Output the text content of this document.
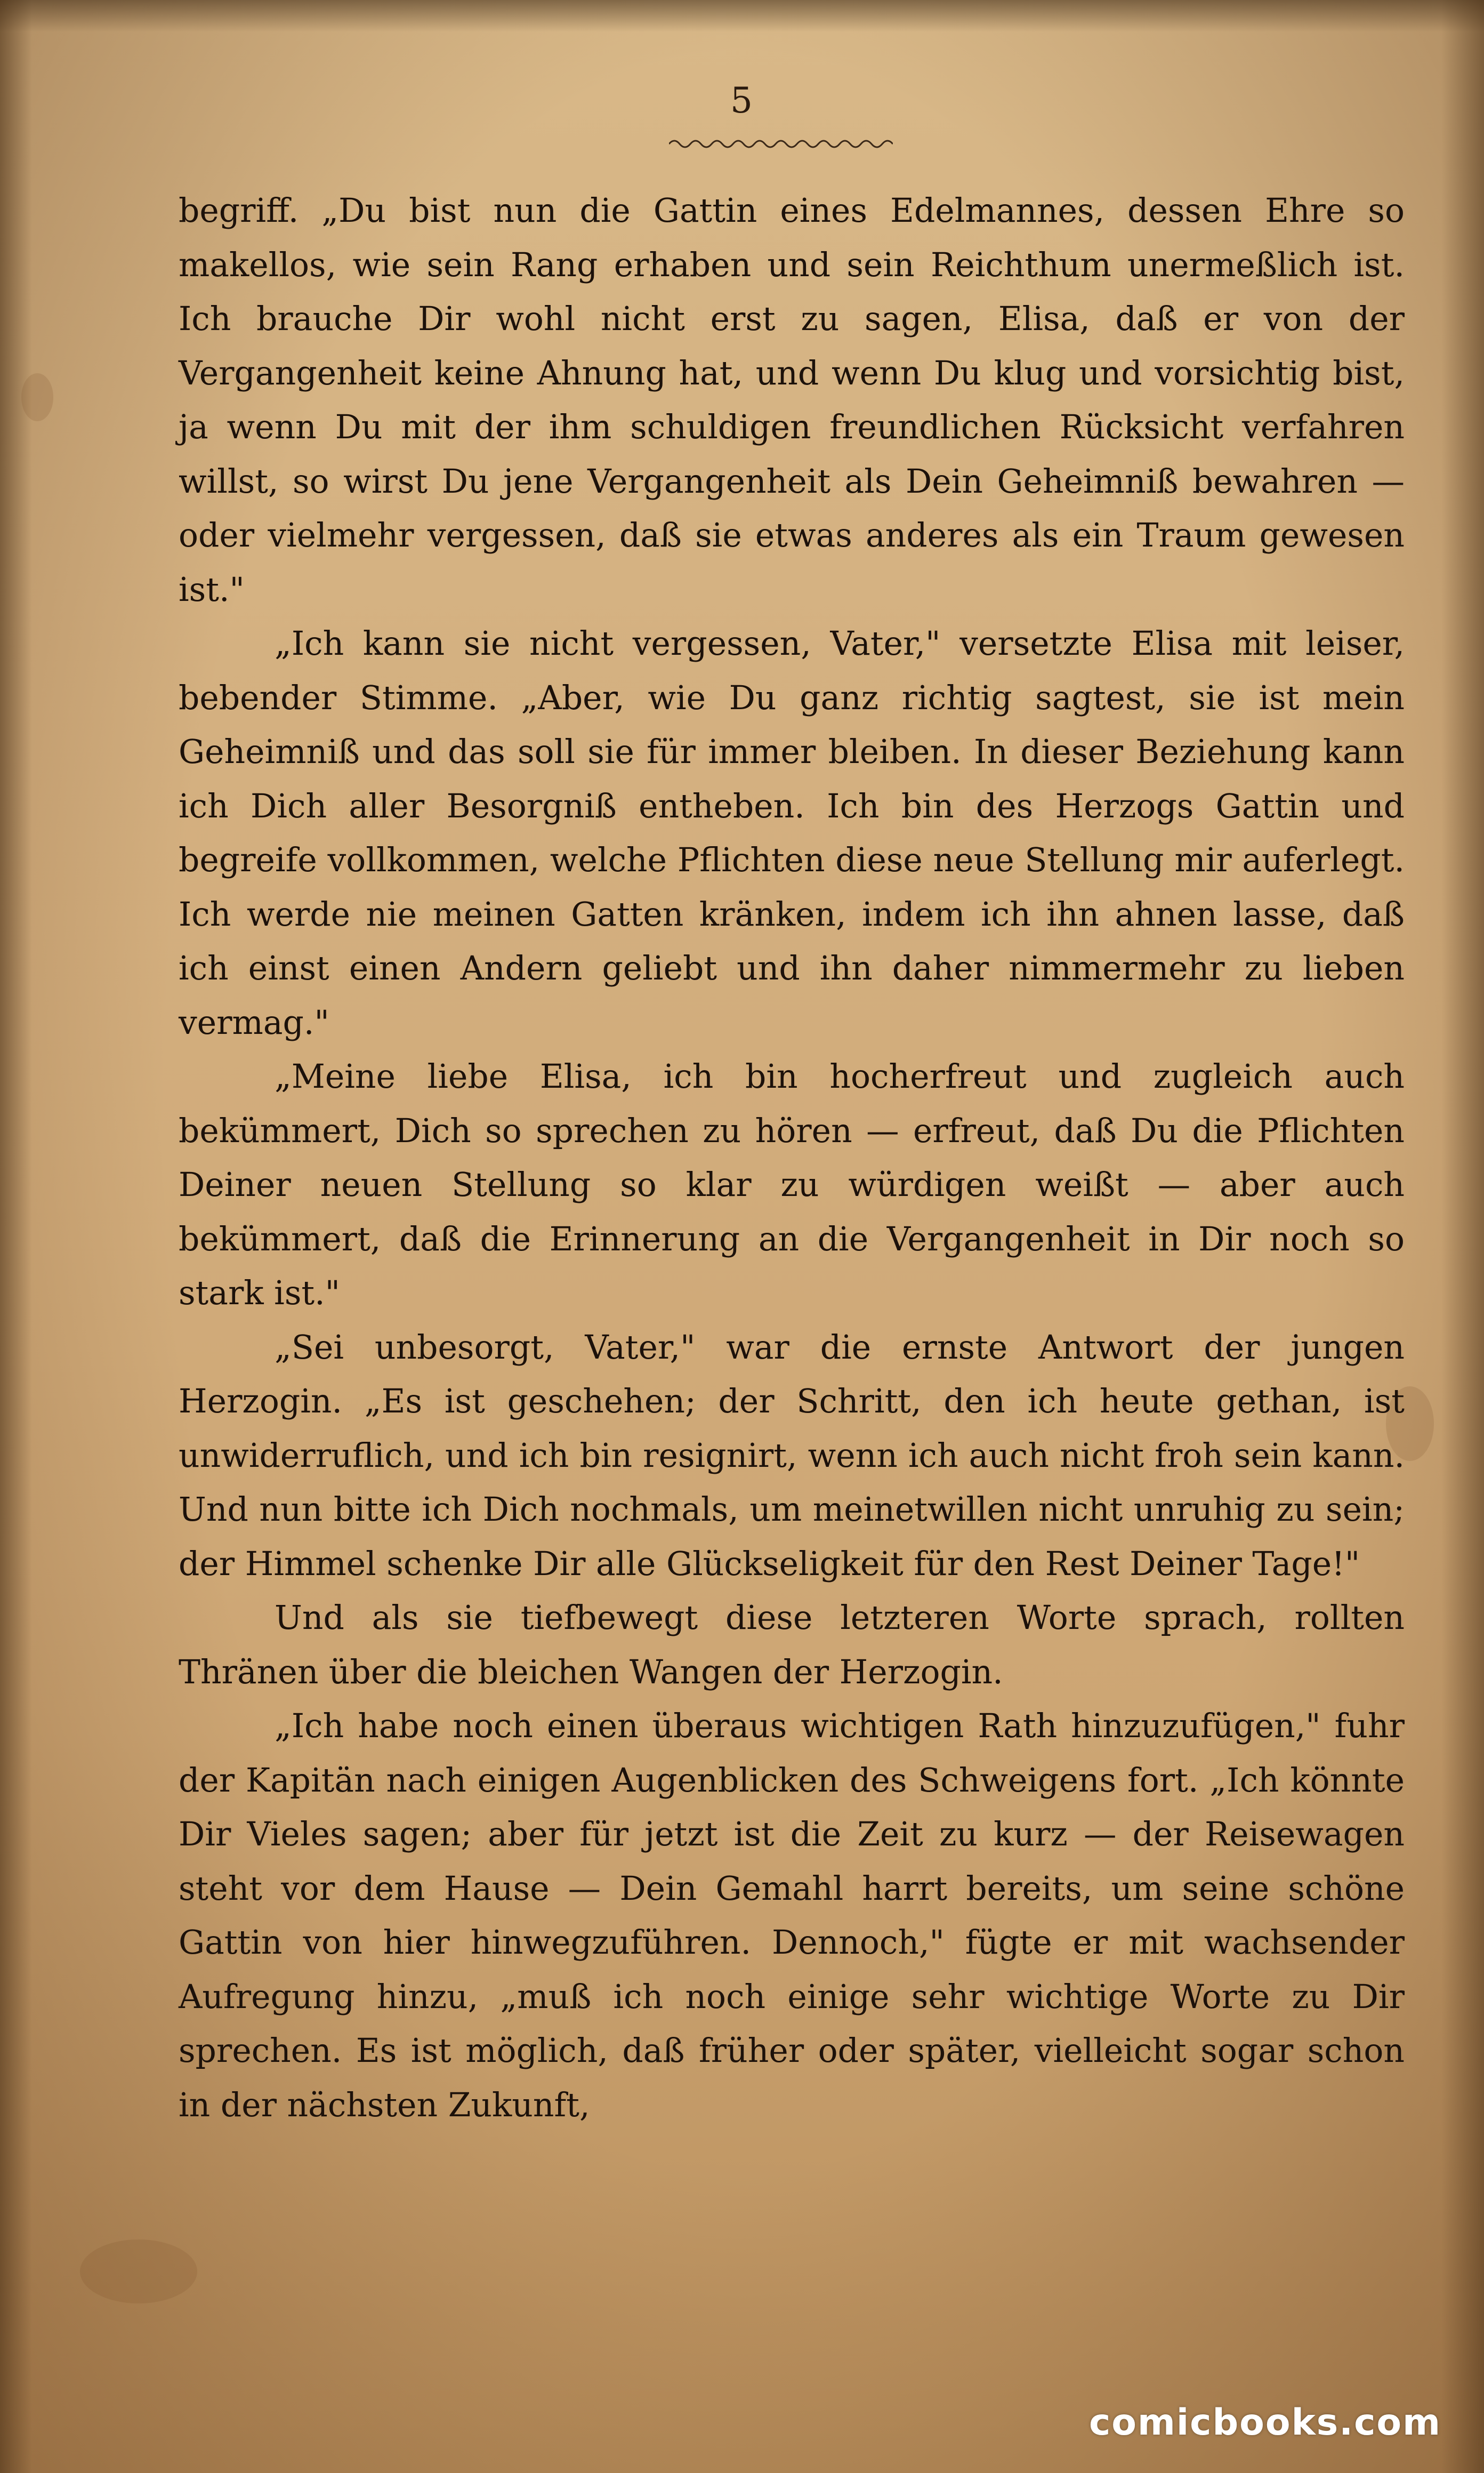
5

begriff. „Du bist nun die Gattin eines Edelmannes, dessen Ehre so makellos, wie sein Rang erhaben und sein Reichthum unermeßlich ist. Ich brauche Dir wohl nicht erst zu sagen, Elisa, daß er von der Vergangenheit keine Ahnung hat, und wenn Du klug und vorsichtig bist, ja wenn Du mit der ihm schuldigen freundlichen Rücksicht verfahren willst, so wirst Du jene Vergangenheit als Dein Geheimniß bewahren — oder vielmehr vergessen, daß sie etwas anderes als ein Traum gewesen ist."

„Ich kann sie nicht vergessen, Vater," versetzte Elisa mit leiser, bebender Stimme. „Aber, wie Du ganz richtig sagtest, sie ist mein Geheimniß und das soll sie für immer bleiben. In dieser Beziehung kann ich Dich aller Besorgniß entheben. Ich bin des Herzogs Gattin und begreife vollkommen, welche Pflichten diese neue Stellung mir auferlegt. Ich werde nie meinen Gatten kränken, indem ich ihn ahnen lasse, daß ich einst einen Andern geliebt und ihn daher nimmermehr zu lieben vermag."

„Meine liebe Elisa, ich bin hocherfreut und zugleich auch bekümmert, Dich so sprechen zu hören — erfreut, daß Du die Pflichten Deiner neuen Stellung so klar zu würdigen weißt — aber auch bekümmert, daß die Erinnerung an die Vergangenheit in Dir noch so stark ist."

„Sei unbesorgt, Vater," war die ernste Antwort der jungen Herzogin. „Es ist geschehen; der Schritt, den ich heute gethan, ist unwiderruflich, und ich bin resignirt, wenn ich auch nicht froh sein kann. Und nun bitte ich Dich nochmals, um meinetwillen nicht unruhig zu sein; der Himmel schenke Dir alle Glückseligkeit für den Rest Deiner Tage!"

Und als sie tiefbewegt diese letzteren Worte sprach, rollten Thränen über die bleichen Wangen der Herzogin.

„Ich habe noch einen überaus wichtigen Rath hinzuzufügen," fuhr der Kapitän nach einigen Augenblicken des Schweigens fort. „Ich könnte Dir Vieles sagen; aber für jetzt ist die Zeit zu kurz — der Reisewagen steht vor dem Hause — Dein Gemahl harrt bereits, um seine schöne Gattin von hier hinwegzuführen. Dennoch," fügte er mit wachsender Aufregung hinzu, „muß ich noch einige sehr wichtige Worte zu Dir sprechen. Es ist möglich, daß früher oder später, vielleicht sogar schon in der nächsten Zukunft,

comicbooks.com
